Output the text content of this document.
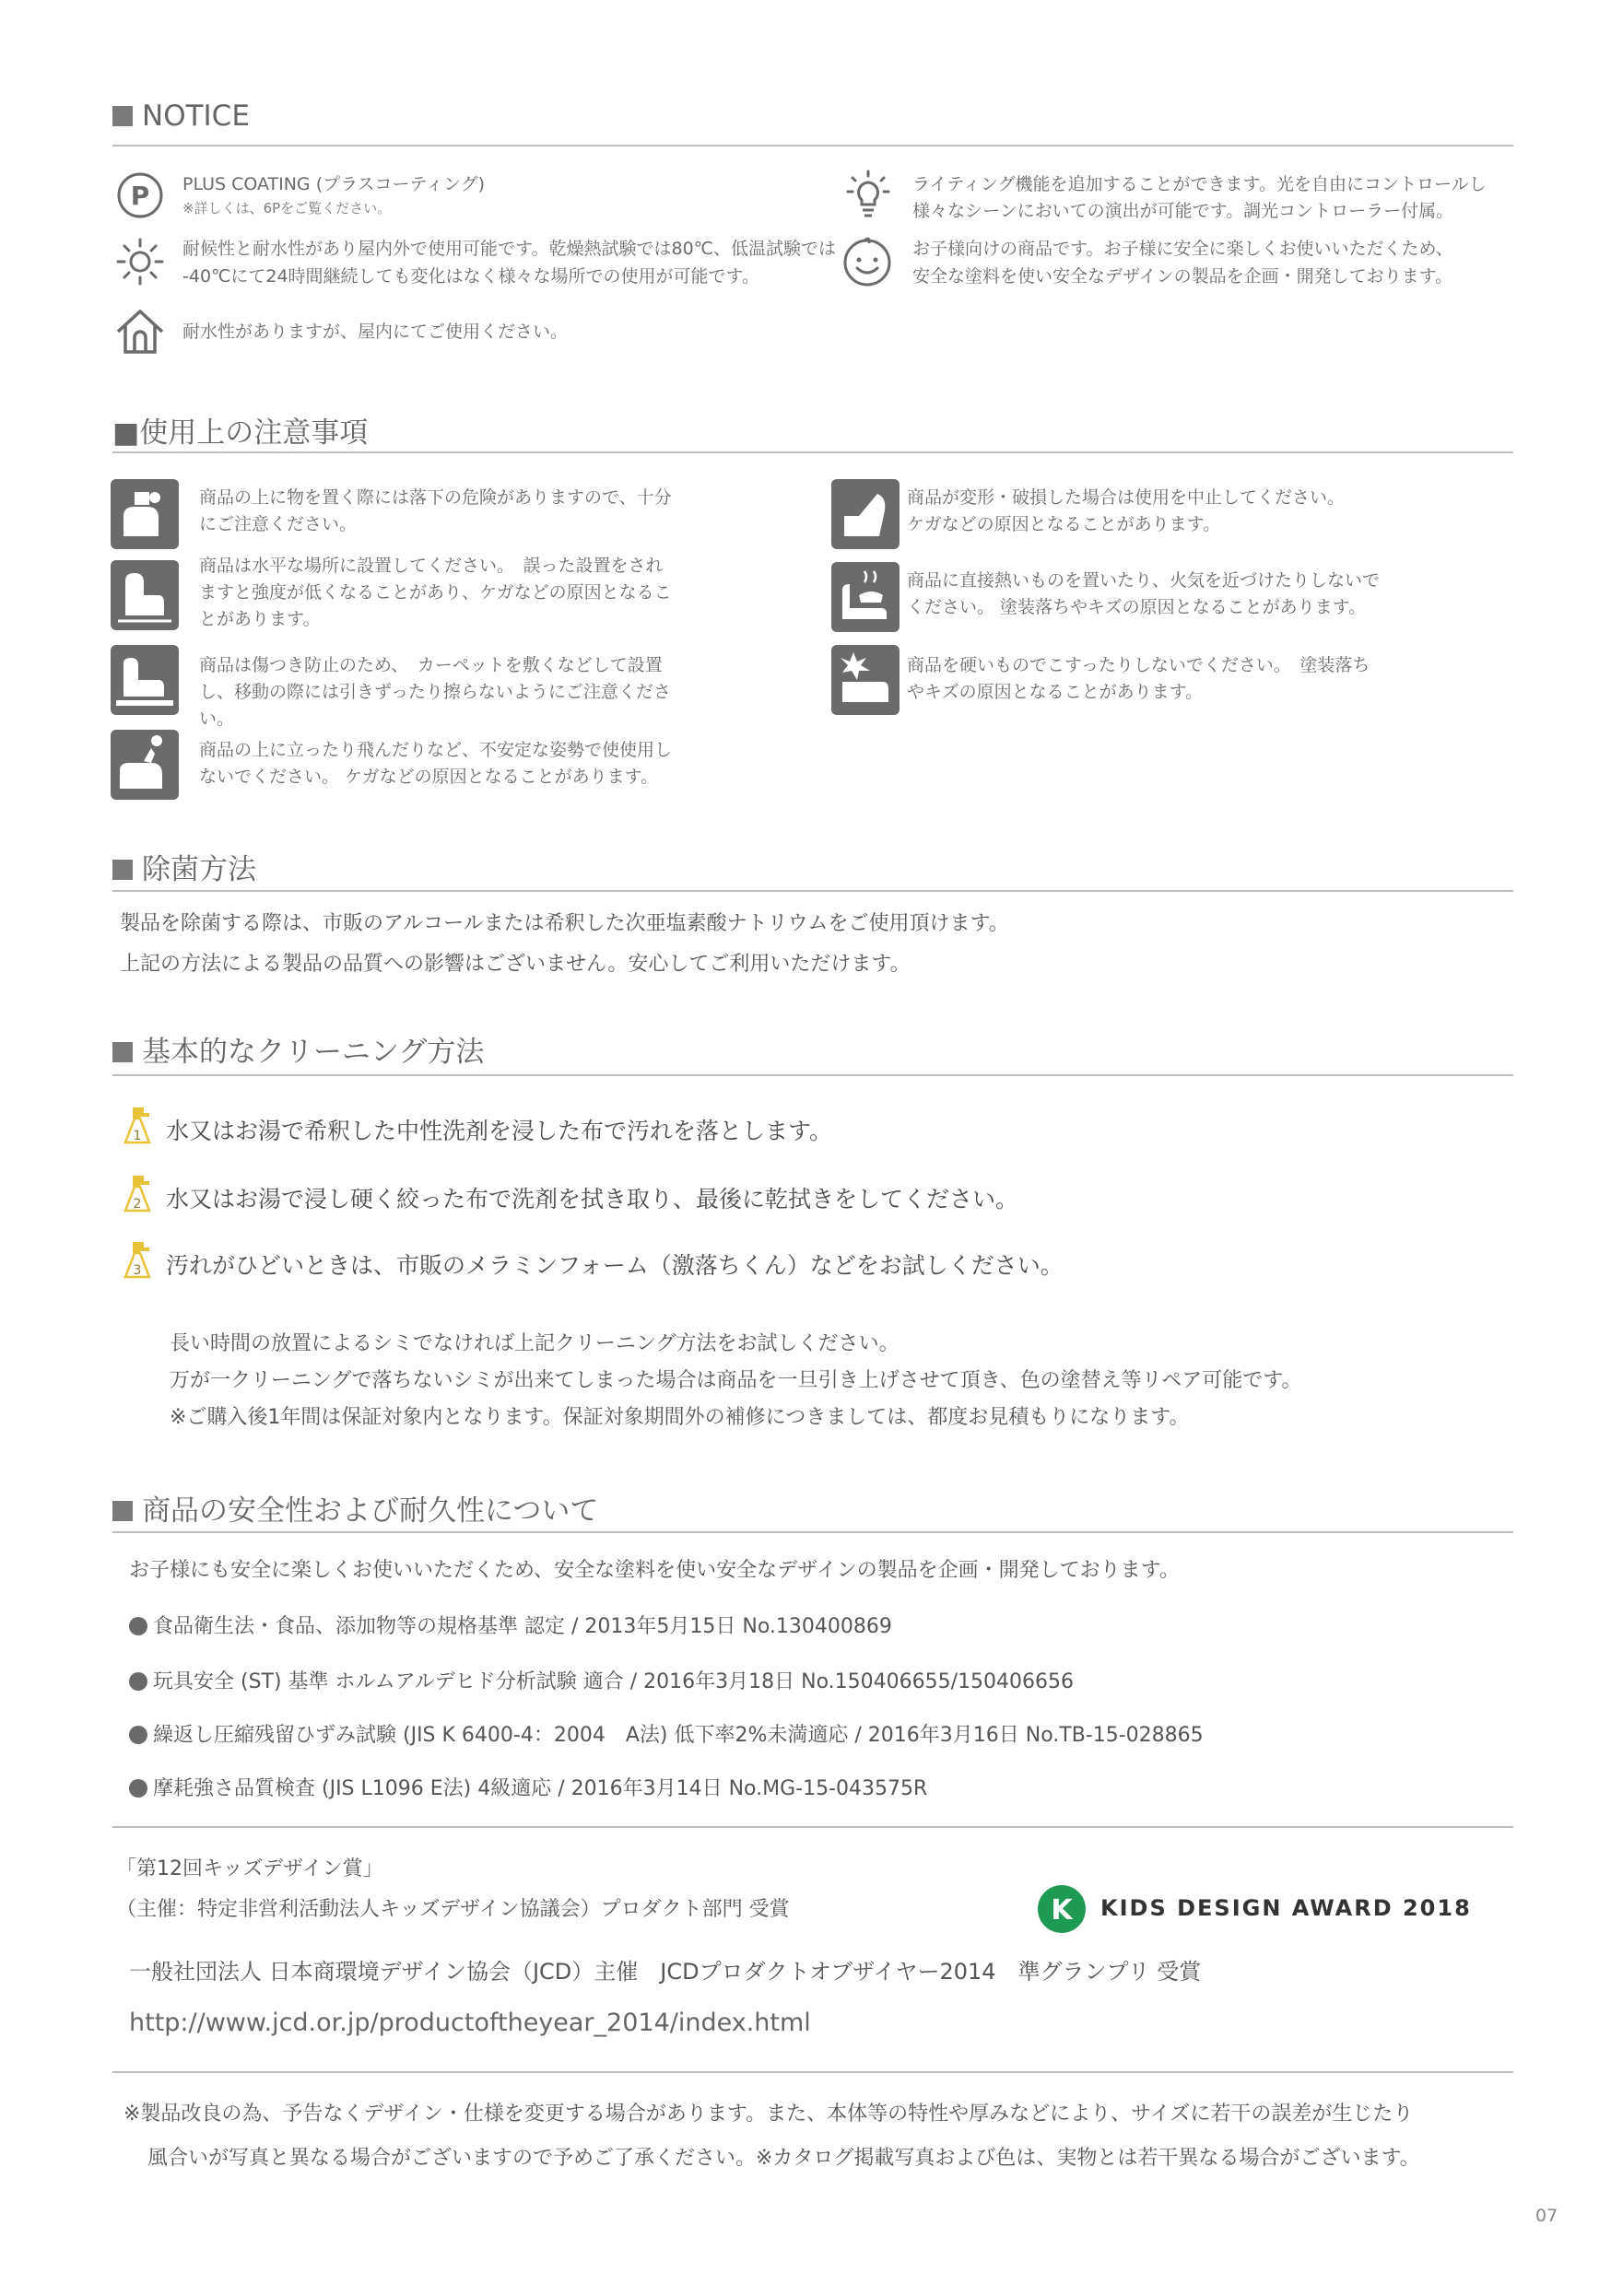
NOTICE
P PLUS COATING (プラスコーティング)
※詳しくは、6Pをご覧ください。
耐候性と耐水性があり屋内外で使用可能です。乾燥熱試験では80℃、低温試験では
-40℃にて24時間継続しても変化はなく様々な場所での使用が可能です。
耐水性がありますが、屋内にてご使用ください。
ライティング機能を追加することができます。光を自由にコントロールし
様々なシーンにおいての演出が可能です。調光コントローラー付属。
お子様向けの商品です。お子様に安全に楽しくお使いいただくため、
安全な塗料を使い安全なデザインの製品を企画・開発しております。
■使用上の注意事項
商品の上に物を置く際には落下の危険がありますので、十分
にご注意ください。
商品は水平な場所に設置してください。　誤った設置をされ
ますと強度が低くなることがあり、ケガなどの原因となるこ
とがあります。
商品は傷つき防止のため、　カーペットを敷くなどして設置
し、移動の際には引きずったり擦らないようにご注意くださ
い。
商品の上に立ったり飛んだりなど、不安定な姿勢で使使用し
ないでください。 ケガなどの原因となることがあります。
商品が変形・破損した場合は使用を中止してください。
ケガなどの原因となることがあります。
商品に直接熱いものを置いたり、火気を近づけたりしないで
ください。 塗装落ちやキズの原因となることがあります。
商品を硬いものでこすったりしないでください。　塗装落ち
やキズの原因となることがあります。
除菌方法
製品を除菌する際は、市販のアルコールまたは希釈した次亜塩素酸ナトリウムをご使用頂けます。
上記の方法による製品の品質への影響はございません。安心してご利用いただけます。
基本的なクリーニング方法
1 水又はお湯で希釈した中性洗剤を浸した布で汚れを落とします。
2 水又はお湯で浸し硬く絞った布で洗剤を拭き取り、最後に乾拭きをしてください。
3 汚れがひどいときは、市販のメラミンフォーム（激落ちくん）などをお試しください。
長い時間の放置によるシミでなければ上記クリーニング方法をお試しください。
万が一クリーニングで落ちないシミが出来てしまった場合は商品を一旦引き上げさせて頂き、色の塗替え等リペア可能です。
※ご購入後1年間は保証対象内となります。保証対象期間外の補修につきましては、都度お見積もりになります。
商品の安全性および耐久性について
お子様にも安全に楽しくお使いいただくため、安全な塗料を使い安全なデザインの製品を企画・開発しております。
食品衛生法・食品、添加物等の規格基準 認定 / 2013年5月15日 No.130400869
玩具安全 (ST) 基準 ホルムアルデヒド分析試験 適合 / 2016年3月18日 No.150406655/150406656
繰返し圧縮残留ひずみ試験 (JIS K 6400-4：2004　A法) 低下率2%未満適応 / 2016年3月16日 No.TB-15-028865
摩耗強さ品質検査 (JIS L1096 E法) 4級適応 / 2016年3月14日 No.MG-15-043575R
「第12回キッズデザイン賞」
（主催：特定非営利活動法人キッズデザイン協議会）プロダクト部門 受賞	K KIDS DESIGN AWARD 2018
一般社団法人 日本商環境デザイン協会（JCD）主催　JCDプロダクトオブザイヤー2014　準グランプリ 受賞
http://www.jcd.or.jp/productoftheyear_2014/index.html
※製品改良の為、予告なくデザイン・仕様を変更する場合があります。また、本体等の特性や厚みなどにより、サイズに若干の誤差が生じたり
風合いが写真と異なる場合がございますので予めご了承ください。※カタログ掲載写真および色は、実物とは若干異なる場合がございます。
07
